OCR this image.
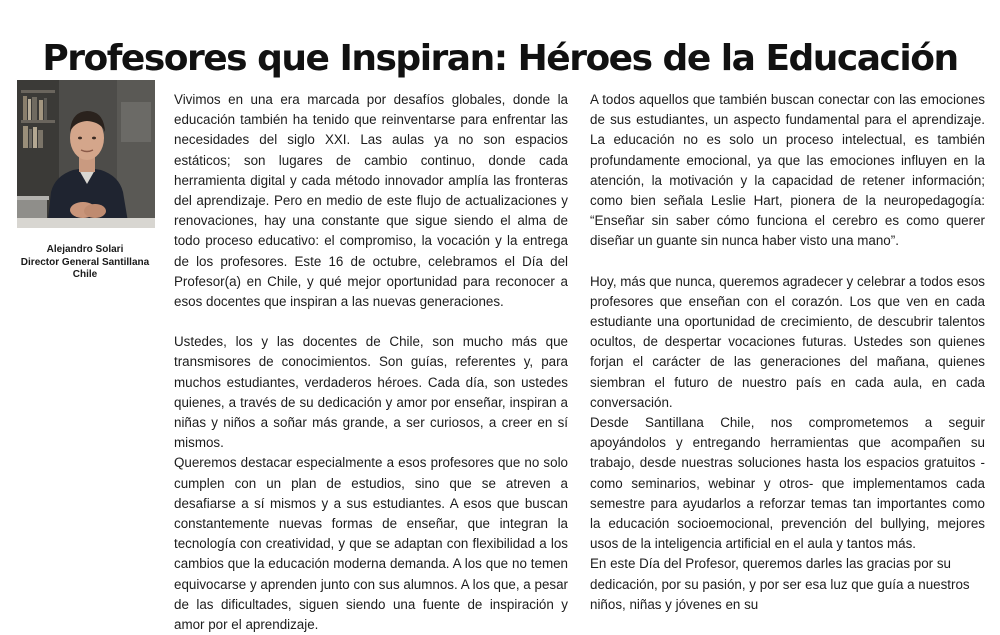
Profesores que Inspiran: Héroes de la Educación
Alejandro Solari
Director General Santillana
Chile

Vivimos en una era marcada por desafíos globales, donde la educación también ha tenido que reinventarse para enfrentar las necesidades del siglo XXI. Las aulas ya no son espacios estáticos; son lugares de cambio continuo, donde cada herramienta digital y cada método innovador amplía las fronteras del aprendizaje. Pero en medio de este flujo de actualizaciones y renovaciones, hay una constante que sigue siendo el alma de todo proceso educativo: el compromiso, la vocación y la entrega de los profesores. Este 16 de octubre, celebramos el Día del Profesor(a) en Chile, y qué mejor oportunidad para reconocer a esos docentes que inspiran a las nuevas generaciones.

Ustedes, los y las docentes de Chile, son mucho más que transmisores de conocimientos. Son guías, referentes y, para muchos estudiantes, verdaderos héroes. Cada día, son ustedes quienes, a través de su dedicación y amor por enseñar, inspiran a niñas y niños a soñar más grande, a ser curiosos, a creer en sí mismos.

Queremos destacar especialmente a esos profesores que no solo cumplen con un plan de estudios, sino que se atreven a desafiarse a sí mismos y a sus estudiantes. A esos que buscan constantemente nuevas formas de enseñar, que integran la tecnología con creatividad, y que se adaptan con flexibilidad a los cambios que la educación moderna demanda. A los que no temen equivocarse y aprenden junto con sus alumnos. A los que, a pesar de las dificultades, siguen siendo una fuente de inspiración y amor por el aprendizaje.

A todos aquellos que también buscan conectar con las emociones de sus estudiantes, un aspecto fundamental para el aprendizaje. La educación no es solo un proceso intelectual, es también profundamente emocional, ya que las emociones influyen en la atención, la motivación y la capacidad de retener información; como bien señala Leslie Hart, pionera de la neuropedagogía: “Enseñar sin saber cómo funciona el cerebro es como querer diseñar un guante sin nunca haber visto una mano”.

Hoy, más que nunca, queremos agradecer y celebrar a todos esos profesores que enseñan con el corazón. Los que ven en cada estudiante una oportunidad de crecimiento, de descubrir talentos ocultos, de despertar vocaciones futuras. Ustedes son quienes forjan el carácter de las generaciones del mañana, quienes siembran el futuro de nuestro país en cada aula, en cada conversación.

Desde Santillana Chile, nos comprometemos a seguir apoyándolos y entregando herramientas que acompañen su trabajo, desde nuestras soluciones hasta los espacios gratuitos -como seminarios, webinar y otros- que implementamos cada semestre para ayudarlos a reforzar temas tan importantes como la educación socioemocional, prevención del bullying, mejores usos de la inteligencia artificial en el aula y tantos más.

En este Día del Profesor, queremos darles las gracias por su dedicación, por su pasión, y por ser esa luz que guía a nuestros niños, niñas y jóvenes en su
